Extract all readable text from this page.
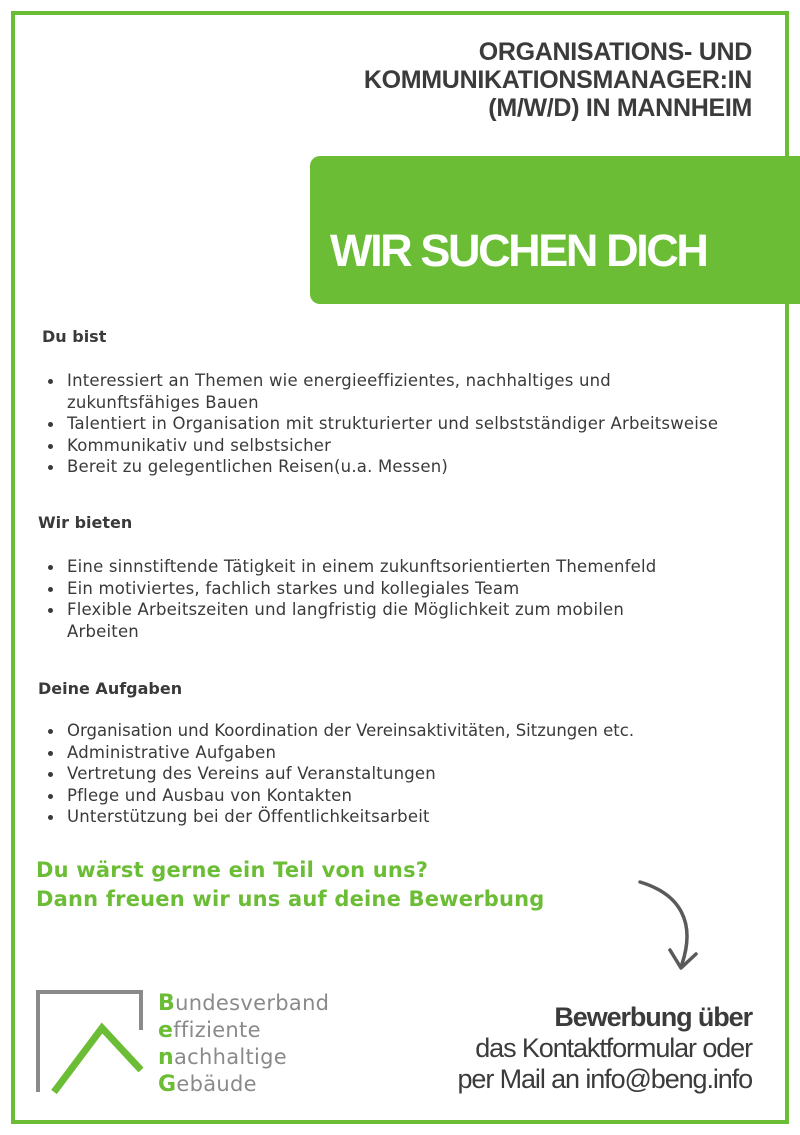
ORGANISATIONS- UND
KOMMUNIKATIONSMANAGER:IN
(M/W/D) IN MANNHEIM

WIR SUCHEN DICH

IN TEILZEIT

Du bist
Interessiert an Themen wie energieeffizientes, nachhaltiges und zukunftsfähiges Bauen
Talentiert in Organisation mit strukturierter und selbstständiger Arbeitsweise
Kommunikativ und selbstsicher
Bereit zu gelegentlichen Reisen(u.a. Messen)
Wir bieten
Eine sinnstiftende Tätigkeit in einem zukunftsorientierten Themenfeld
Ein motiviertes, fachlich starkes und kollegiales Team
Flexible Arbeitszeiten und langfristig die Möglichkeit zum mobilen Arbeiten
Deine Aufgaben
Organisation und Koordination der Vereinsaktivitäten, Sitzungen etc.
Administrative Aufgaben
Vertretung des Vereins auf Veranstaltungen
Pflege und Ausbau von Kontakten
Unterstützung bei der Öffentlichkeitsarbeit
Du wärst gerne ein Teil von uns?
Dann freuen wir uns auf deine Bewerbung
Bundesverband
effiziente
nachhaltige
Gebäude
Bewerbung über
das Kontaktformular oder
per Mail an info@beng.info
